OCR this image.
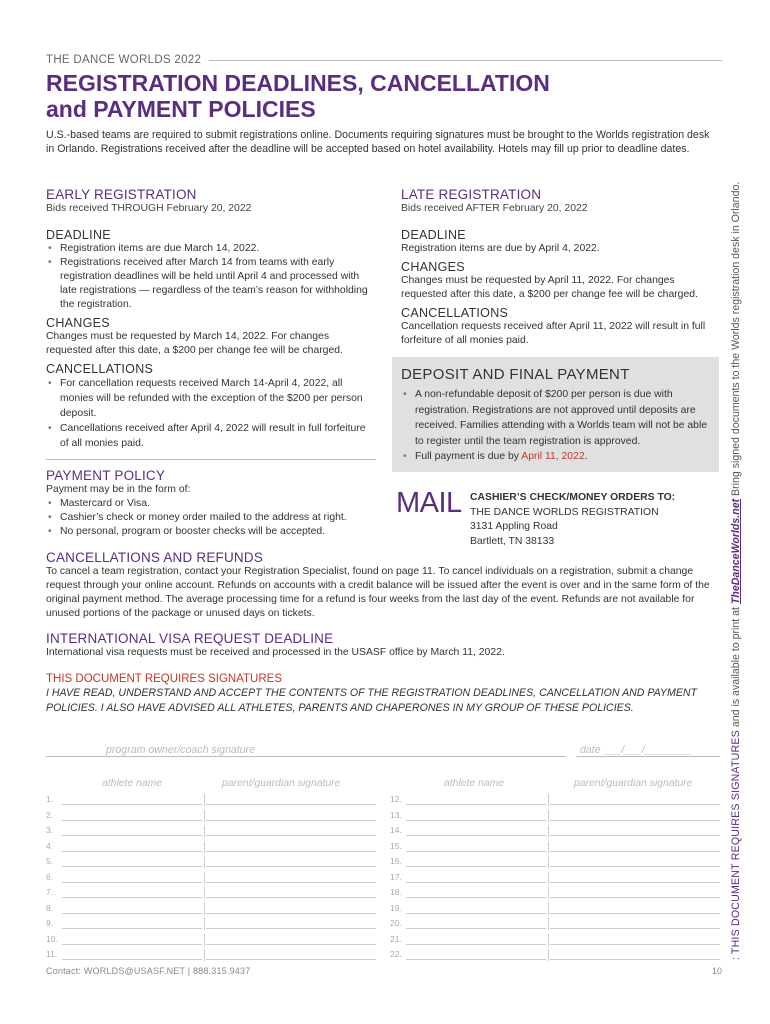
THE DANCE WORLDS 2022
REGISTRATION DEADLINES, CANCELLATION
and PAYMENT POLICIES

U.S.-based teams are required to submit registrations online. Documents requiring signatures must be brought to the Worlds registration desk in Orlando. Registrations received after the deadline will be accepted based on hotel availability. Hotels may fill up prior to deadline dates.

EARLY REGISTRATION
Bids received THROUGH February 20, 2022
DEADLINE
• Registration items are due March 14, 2022.
• Registrations received after March 14 from teams with early registration deadlines will be held until April 4 and processed with late registrations — regardless of the team’s reason for withholding the registration.
CHANGES
Changes must be requested by March 14, 2022. For changes requested after this date, a $200 per change fee will be charged.
CANCELLATIONS
• For cancellation requests received March 14-April 4, 2022, all monies will be refunded with the exception of the $200 per person deposit.
• Cancellations received after April 4, 2022 will result in full forfeiture of all monies paid.
LATE REGISTRATION
Bids received AFTER February 20, 2022
DEADLINE
Registration items are due by April 4, 2022.
CHANGES
Changes must be requested by April 11, 2022. For changes requested after this date, a $200 per change fee will be charged.
CANCELLATIONS
Cancellation requests received after April 11, 2022 will result in full forfeiture of all monies paid.
DEPOSIT AND FINAL PAYMENT
• A non-refundable deposit of $200 per person is due with registration. Registrations are not approved until deposits are received. Families attending with a Worlds team will not be able to register until the team registration is approved.
• Full payment is due by April 11, 2022.
PAYMENT POLICY
Payment may be in the form of:
• Mastercard or Visa.
• Cashier’s check or money order mailed to the address at right.
• No personal, program or booster checks will be accepted.
MAIL CASHIER’S CHECK/MONEY ORDERS TO:
THE DANCE WORLDS REGISTRATION
3131 Appling Road
Bartlett, TN 38133
CANCELLATIONS AND REFUNDS
To cancel a team registration, contact your Registration Specialist, found on page 11. To cancel individuals on a registration, submit a change request through your online account. Refunds on accounts with a credit balance will be issued after the event is over and in the same form of the original payment method. The average processing time for a refund is four weeks from the last day of the event. Refunds are not available for unused portions of the package or unused days on tickets.
INTERNATIONAL VISA REQUEST DEADLINE
International visa requests must be received and processed in the USASF office by March 11, 2022.
THIS DOCUMENT REQUIRES SIGNATURES
I HAVE READ, UNDERSTAND AND ACCEPT THE CONTENTS OF THE REGISTRATION DEADLINES, CANCELLATION AND PAYMENT POLICIES. I ALSO HAVE ADVISED ALL ATHLETES, PARENTS AND CHAPERONES IN MY GROUP OF THESE POLICIES.
program owner/coach signature	date ___/___/________
athlete name	parent/guardian signature
1.
2.
3.
4.
5.
6.
7.
8.
9.
10.
11.
athlete name	parent/guardian signature
12.
13.
14.
15.
16.
17.
18.
19.
20.
21.
22.
Contact: WORLDS@USASF.NET | 888.315.9437	10
: THIS DOCUMENT REQUIRES SIGNATURES and is available to print at TheDanceWorlds.net Bring signed documents to the Worlds registration desk in Orlando.
